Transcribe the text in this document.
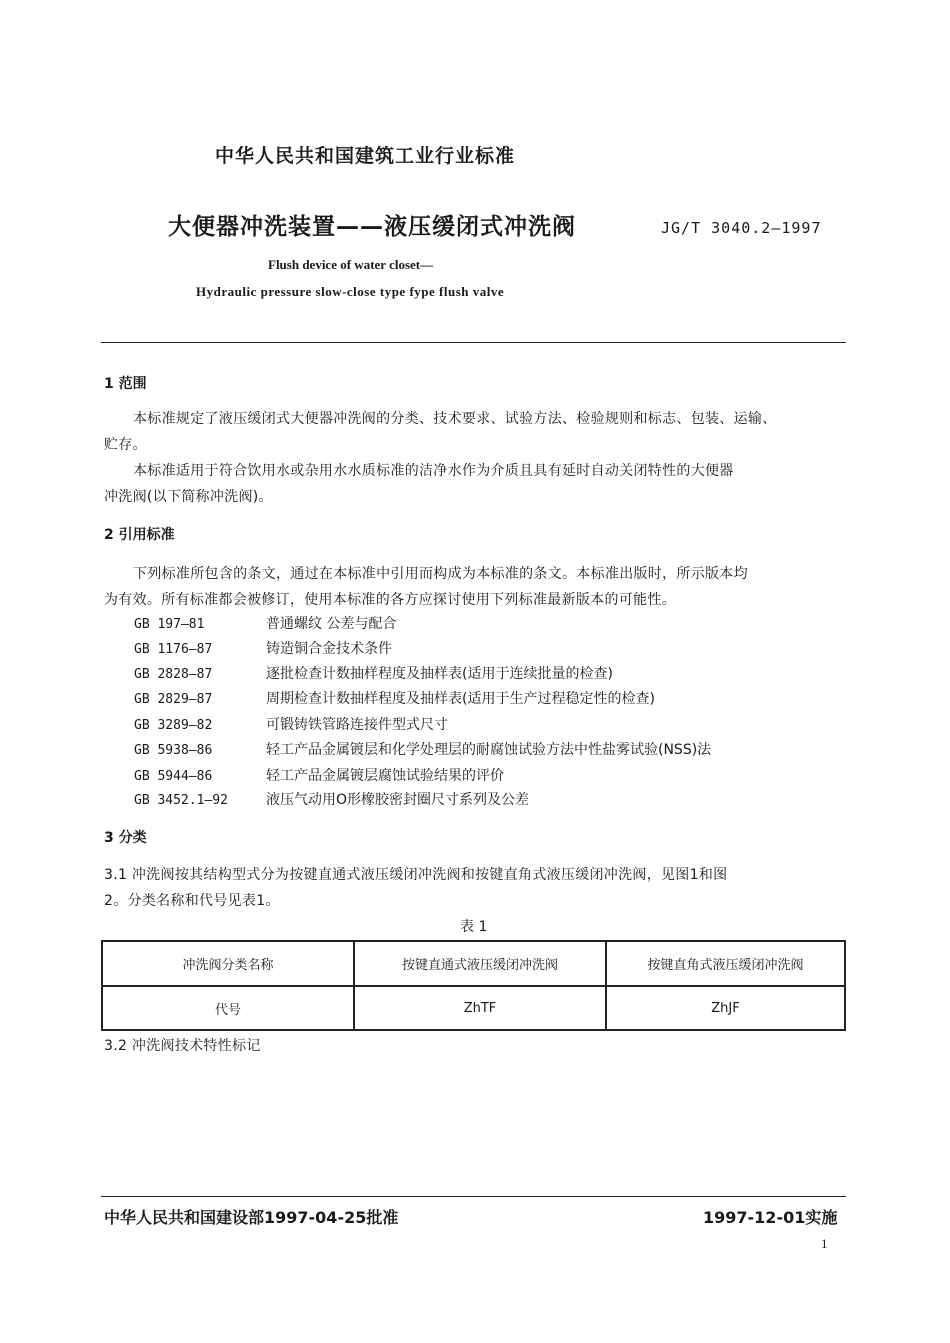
中华人民共和国建筑工业行业标准
大便器冲洗装置——液压缓闭式冲洗阀	JG/T 3040.2—1997
Flush device of water closet—
Hydraulic pressure slow-close type fype flush valve
1 范围
本标准规定了液压缓闭式大便器冲洗阀的分类、技术要求、试验方法、检验规则和标志、包装、运输、
贮存。
本标准适用于符合饮用水或杂用水水质标准的洁净水作为介质且具有延时自动关闭特性的大便器
冲洗阀(以下简称冲洗阀)。
2 引用标准
下列标准所包含的条文，通过在本标准中引用而构成为本标准的条文。本标准出版时，所示版本均
为有效。所有标准都会被修订，使用本标准的各方应探讨使用下列标准最新版本的可能性。
GB 197—81	普通螺纹 公差与配合
GB 1176—87	铸造铜合金技术条件
GB 2828—87	逐批检查计数抽样程度及抽样表(适用于连续批量的检查)
GB 2829—87	周期检查计数抽样程度及抽样表(适用于生产过程稳定性的检查)
GB 3289—82	可锻铸铁管路连接件型式尺寸
GB 5938—86	轻工产品金属镀层和化学处理层的耐腐蚀试验方法中性盐雾试验(NSS)法
GB 5944—86	轻工产品金属镀层腐蚀试验结果的评价
GB 3452.1—92	液压气动用O形橡胶密封圈尺寸系列及公差
3 分类
3.1 冲洗阀按其结构型式分为按键直通式液压缓闭冲洗阀和按键直角式液压缓闭冲洗阀，见图1和图
2。分类名称和代号见表1。
表 1
冲洗阀分类名称	按键直通式液压缓闭冲洗阀	按键直角式液压缓闭冲洗阀
代号	ZhTF	ZhJF
3.2 冲洗阀技术特性标记
中华人民共和国建设部1997-04-25批准	1997-12-01实施
1
